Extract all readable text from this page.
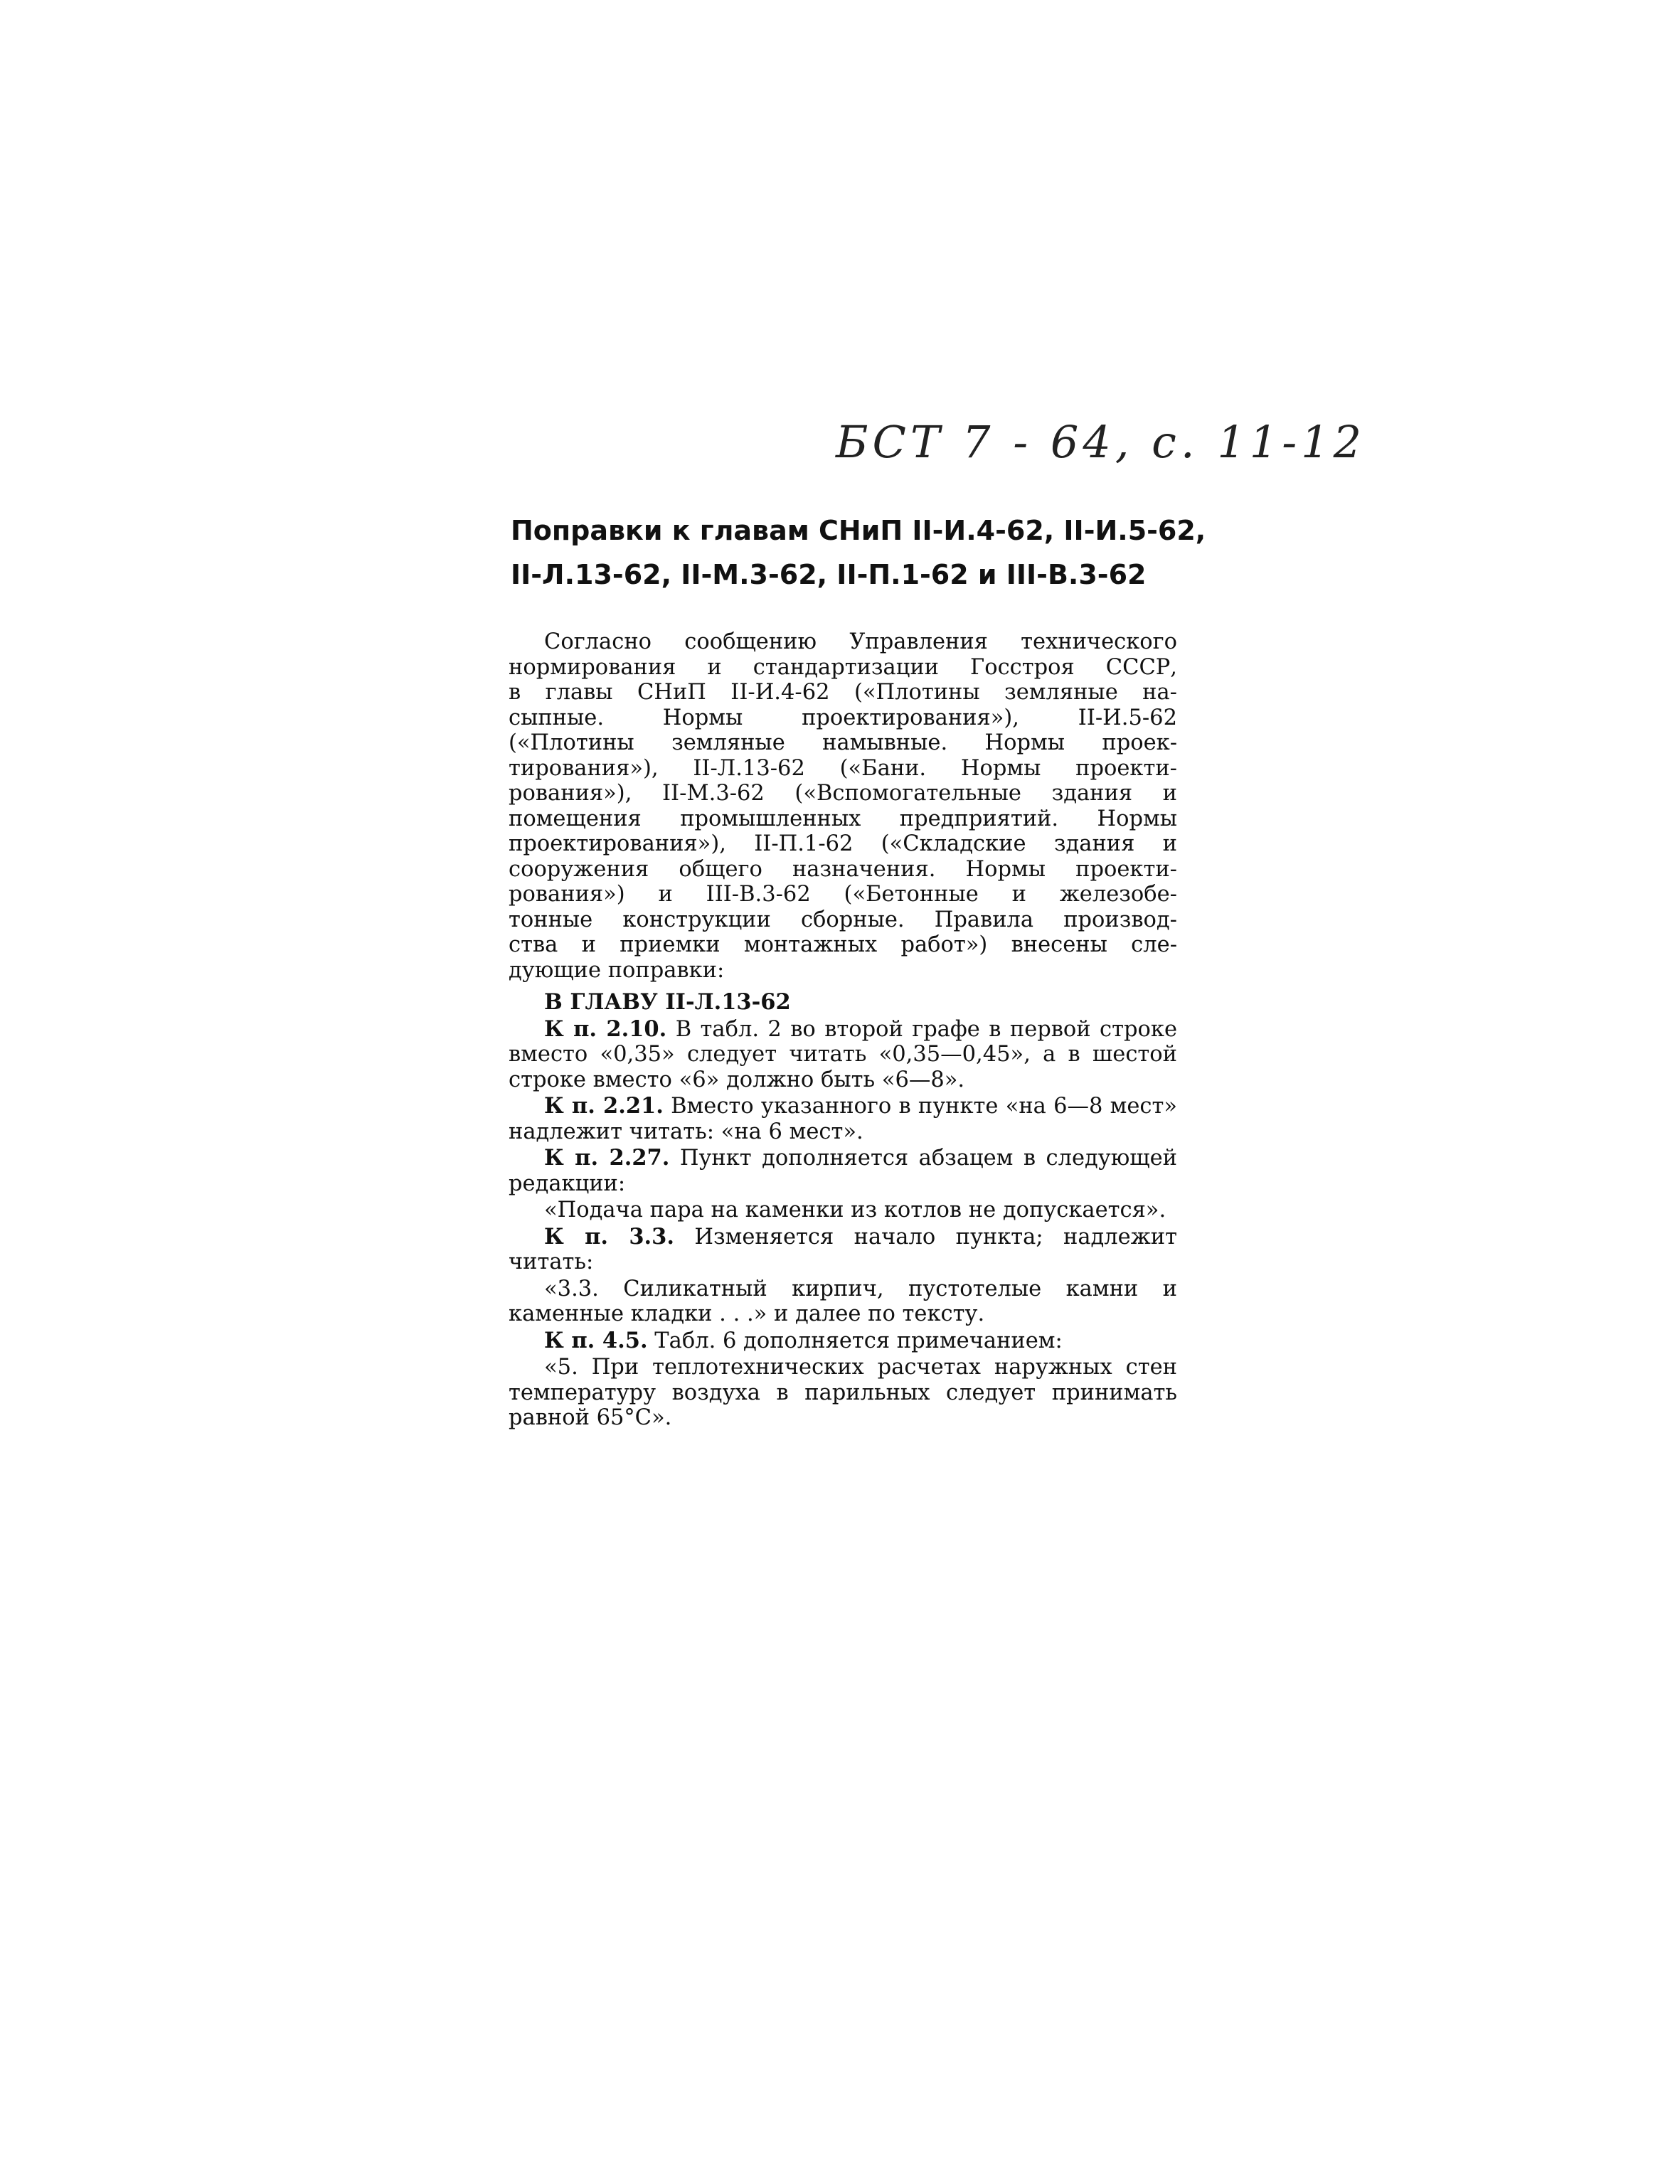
БСТ 7 - 64, с. 11-12
Поправки к главам СНиП II-И.4-62, II-И.5-62,
II-Л.13-62, II-М.3-62, II-П.1-62 и III-В.3-62
Согласно сообщению Управления технического
нормирования и стандартизации Госстроя СССР,
в главы СНиП II-И.4-62 («Плотины земляные на-
сыпные. Нормы проектирования»), II-И.5-62
(«Плотины земляные намывные. Нормы проек-
тирования»), II-Л.13-62 («Бани. Нормы проекти-
рования»), II-М.3-62 («Вспомогательные здания и
помещения промышленных предприятий. Нормы
проектирования»), II-П.1-62 («Складские здания и
сооружения общего назначения. Нормы проекти-
рования») и III-В.3-62 («Бетонные и железобе-
тонные конструкции сборные. Правила производ-
ства и приемки монтажных работ») внесены сле-
дующие поправки:

В ГЛАВУ II-Л.13-62

К п. 2.10. В табл. 2 во второй графе в первой строке вместо «0,35» следует читать «0,35—0,45», а в шестой строке вместо «6» должно быть «6—8».

К п. 2.21. Вместо указанного в пункте «на 6—8 мест» надлежит читать: «на 6 мест».

К п. 2.27. Пункт дополняется абзацем в следующей редакции:

«Подача пара на каменки из котлов не допускается».

К п. 3.3. Изменяется начало пункта; надлежит читать:

«3.3. Силикатный кирпич, пустотелые камни и каменные кладки . . .» и далее по тексту.

К п. 4.5. Табл. 6 дополняется примечанием:

«5. При теплотехнических расчетах наружных стен температуру воздуха в парильных следует принимать равной 65°С».
